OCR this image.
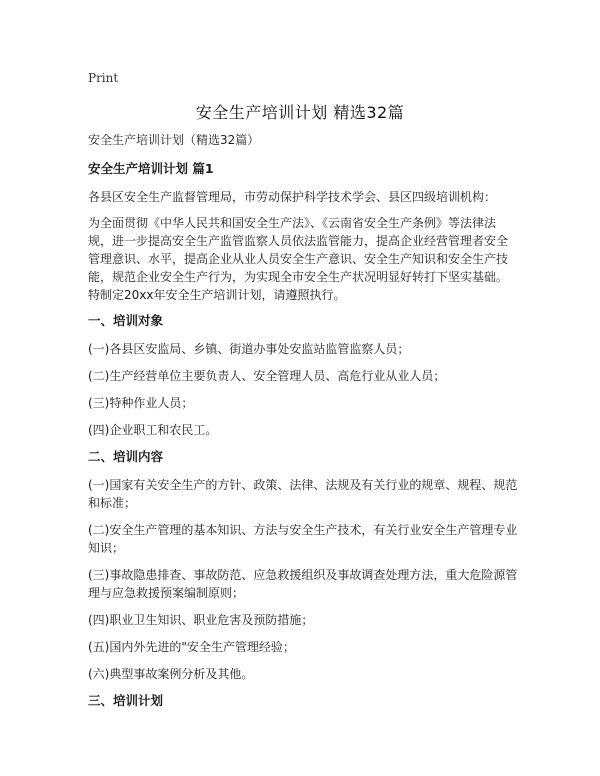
Print
安全生产培训计划 精选32篇
安全生产培训计划（精选32篇）
安全生产培训计划 篇1
各县区安全生产监督管理局，市劳动保护科学技术学会、县区四级培训机构：
为全面贯彻《中华人民共和国安全生产法》、《云南省安全生产条例》等法律法规，进一步提高安全生产监管监察人员依法监管能力，提高企业经营管理者安全管理意识、水平，提高企业从业人员安全生产意识、安全生产知识和安全生产技能，规范企业安全生产行为，为实现全市安全生产状况明显好转打下坚实基础。特制定20xx年安全生产培训计划，请遵照执行。
一、培训对象
(一)各县区安监局、乡镇、街道办事处安监站监管监察人员；
(二)生产经营单位主要负责人、安全管理人员、高危行业从业人员；
(三)特种作业人员；
(四)企业职工和农民工。
二、培训内容
(一)国家有关安全生产的方针、政策、法律、法规及有关行业的规章、规程、规范和标准；
(二)安全生产管理的基本知识、方法与安全生产技术，有关行业安全生产管理专业知识；
(三)事故隐患排查、事故防范、应急救援组织及事故调查处理方法，重大危险源管理与应急救援预案编制原则；
(四)职业卫生知识、职业危害及预防措施；
(五)国内外先进的"安全生产管理经验；
(六)典型事故案例分析及其他。
三、培训计划
